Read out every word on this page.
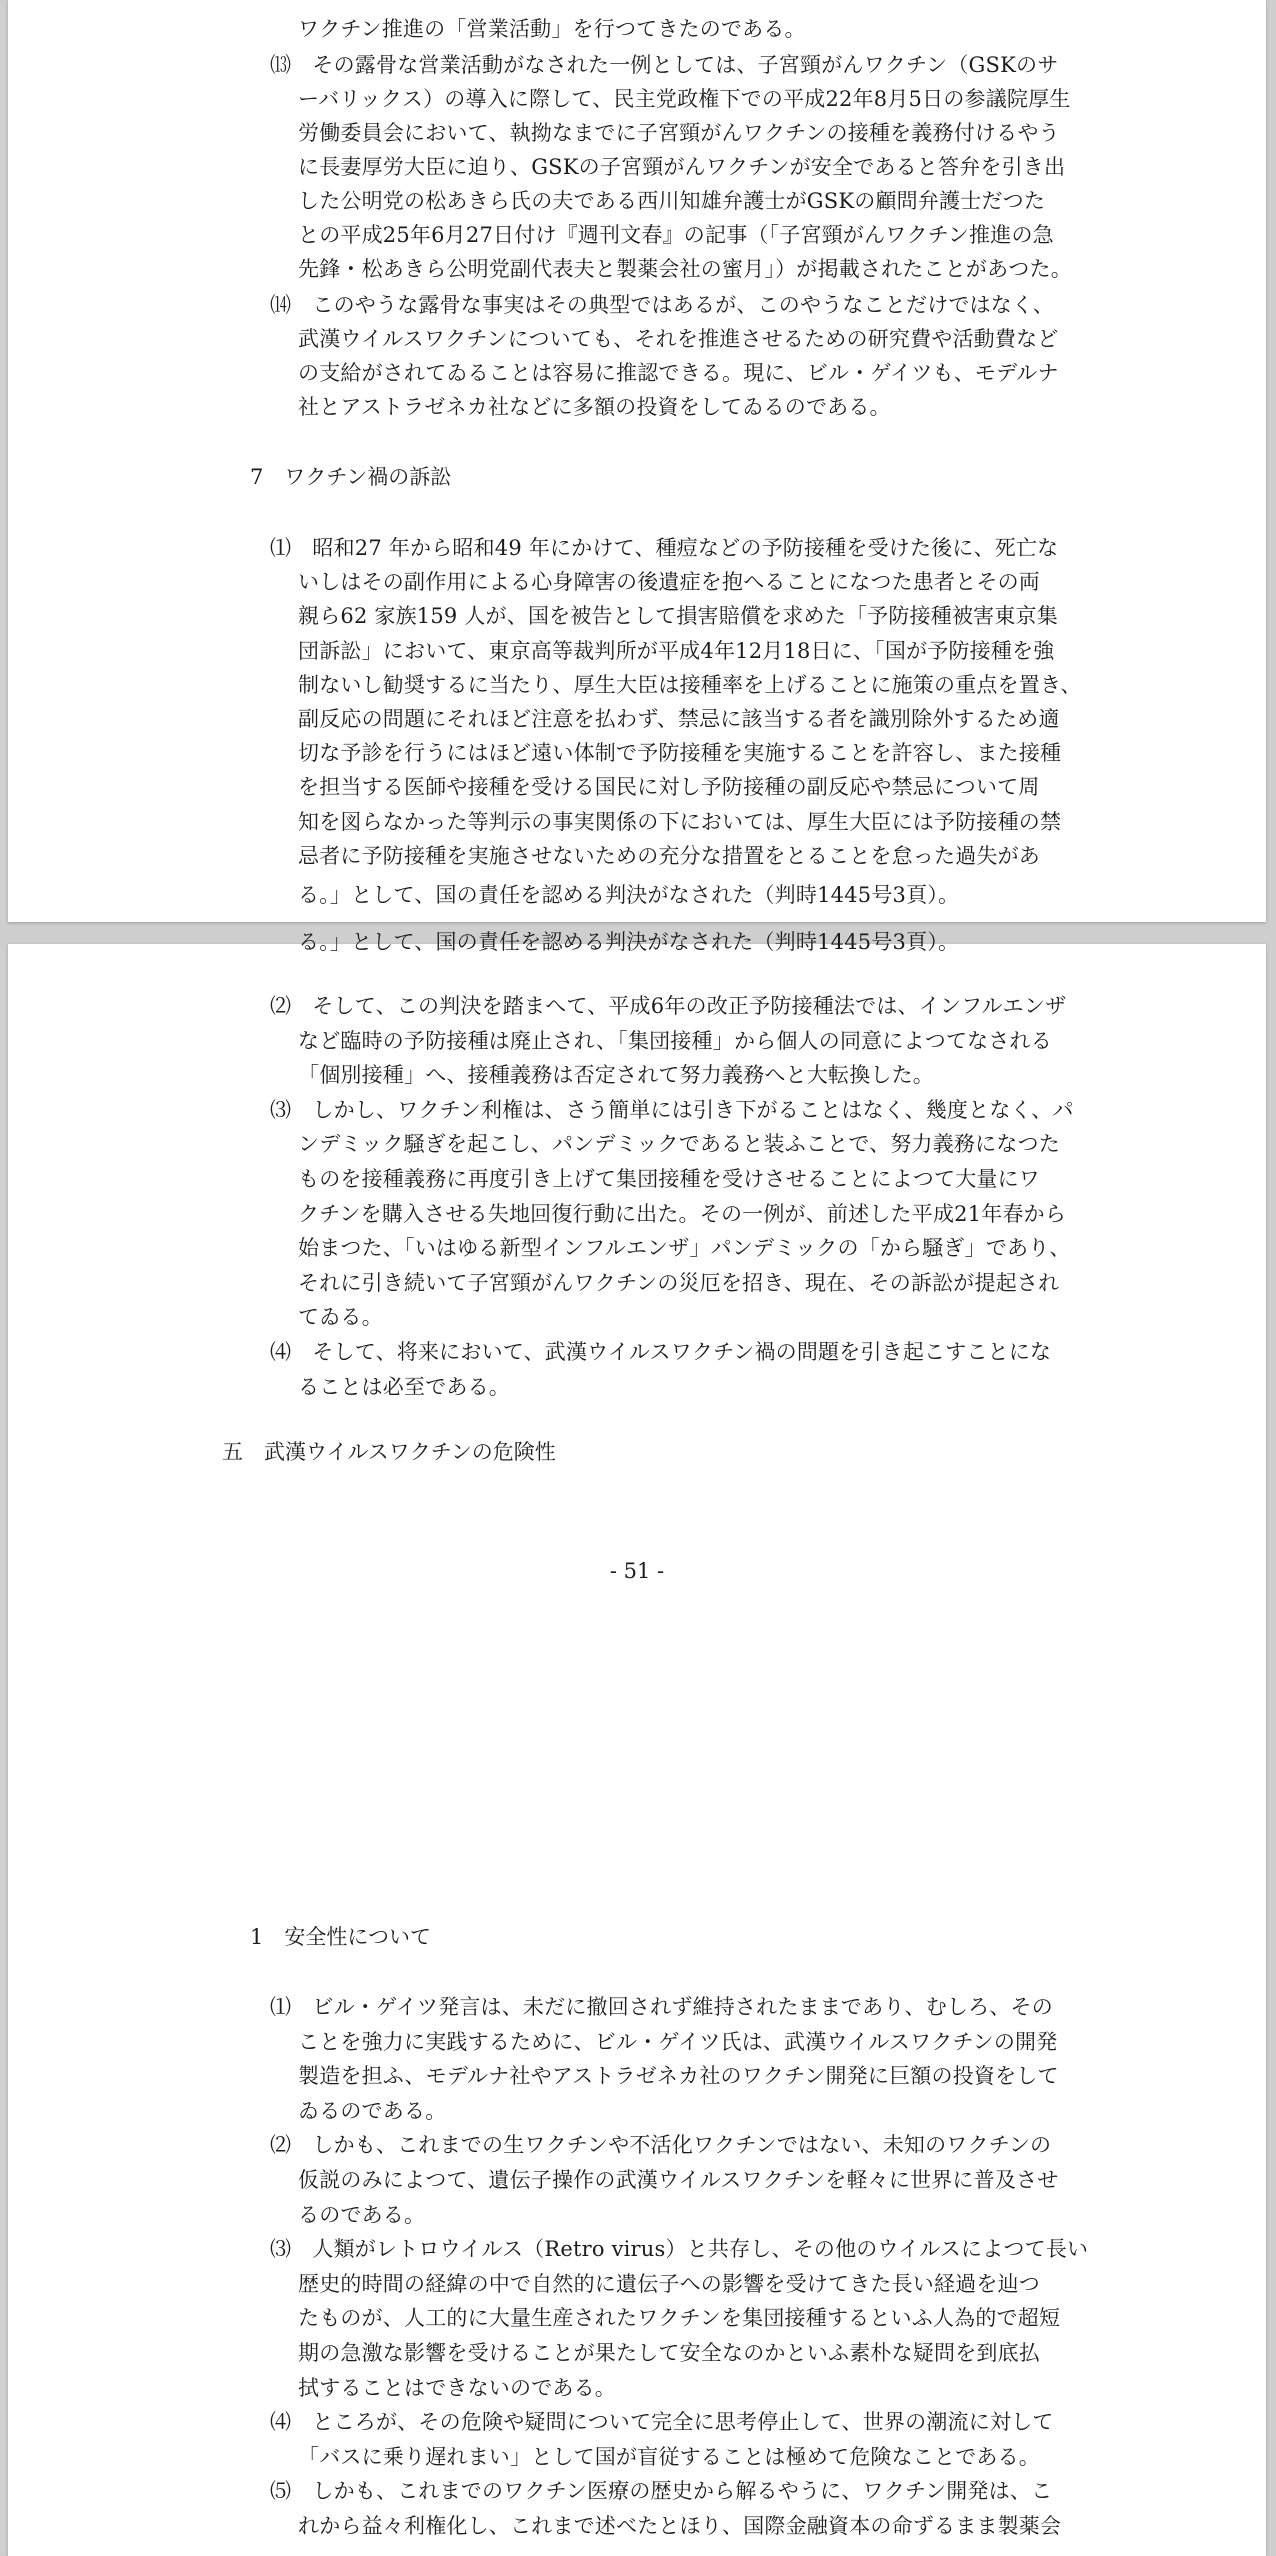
ワクチン推進の「営業活動」を行つてきたのである。
⒀　その露骨な営業活動がなされた一例としては、子宮頸がんワクチン（GSKのサ
ーバリックス）の導入に際して、民主党政権下での平成22年8月5日の参議院厚生
労働委員会において、執拗なまでに子宮頸がんワクチンの接種を義務付けるやう
に長妻厚労大臣に迫り、GSKの子宮頸がんワクチンが安全であると答弁を引き出
した公明党の松あきら氏の夫である西川知雄弁護士がGSKの顧問弁護士だつた
との平成25年6月27日付け『週刊文春』の記事（「子宮頸がんワクチン推進の急
先鋒・松あきら公明党副代表夫と製薬会社の蜜月」）が掲載されたことがあつた。
⒁　このやうな露骨な事実はその典型ではあるが、このやうなことだけではなく、
武漢ウイルスワクチンについても、それを推進させるための研究費や活動費など
の支給がされてゐることは容易に推認できる。現に、ビル・ゲイツも、モデルナ
社とアストラゼネカ社などに多額の投資をしてゐるのである。
7　ワクチン禍の訴訟
⑴　昭和27 年から昭和49 年にかけて、種痘などの予防接種を受けた後に、死亡な
いしはその副作用による心身障害の後遺症を抱へることになつた患者とその両
親ら62 家族159 人が、国を被告として損害賠償を求めた「予防接種被害東京集
団訴訟」において、東京高等裁判所が平成4年12月18日に、「国が予防接種を強
制ないし勧奨するに当たり、厚生大臣は接種率を上げることに施策の重点を置き、
副反応の問題にそれほど注意を払わず、禁忌に該当する者を識別除外するため適
切な予診を行うにはほど遠い体制で予防接種を実施することを許容し、また接種
を担当する医師や接種を受ける国民に対し予防接種の副反応や禁忌について周
知を図らなかった等判示の事実関係の下においては、厚生大臣には予防接種の禁
忌者に予防接種を実施させないための充分な措置をとることを怠った過失があ
る。」として、国の責任を認める判決がなされた（判時1445号3頁）。
る。」として、国の責任を認める判決がなされた（判時1445号3頁）。
⑵　そして、この判決を踏まへて、平成6年の改正予防接種法では、インフルエンザ
など臨時の予防接種は廃止され、「集団接種」から個人の同意によつてなされる
「個別接種」へ、接種義務は否定されて努力義務へと大転換した。
⑶　しかし、ワクチン利権は、さう簡単には引き下がることはなく、幾度となく、パ
ンデミック騒ぎを起こし、パンデミックであると装ふことで、努力義務になつた
ものを接種義務に再度引き上げて集団接種を受けさせることによつて大量にワ
クチンを購入させる失地回復行動に出た。その一例が、前述した平成21年春から
始まつた、「いはゆる新型インフルエンザ」パンデミックの「から騒ぎ」であり、
それに引き続いて子宮頸がんワクチンの災厄を招き、現在、その訴訟が提起され
てゐる。
⑷　そして、将来において、武漢ウイルスワクチン禍の問題を引き起こすことにな
ることは必至である。
五　武漢ウイルスワクチンの危険性
- 51 -
1　安全性について
⑴　ビル・ゲイツ発言は、未だに撤回されず維持されたままであり、むしろ、その
ことを強力に実践するために、ビル・ゲイツ氏は、武漢ウイルスワクチンの開発
製造を担ふ、モデルナ社やアストラゼネカ社のワクチン開発に巨額の投資をして
ゐるのである。
⑵　しかも、これまでの生ワクチンや不活化ワクチンではない、未知のワクチンの
仮説のみによつて、遺伝子操作の武漢ウイルスワクチンを軽々に世界に普及させ
るのである。
⑶　人類がレトロウイルス（Retro virus）と共存し、その他のウイルスによつて長い
歴史的時間の経緯の中で自然的に遺伝子への影響を受けてきた長い経過を辿つ
たものが、人工的に大量生産されたワクチンを集団接種するといふ人為的で超短
期の急激な影響を受けることが果たして安全なのかといふ素朴な疑問を到底払
拭することはできないのである。
⑷　ところが、その危険や疑問について完全に思考停止して、世界の潮流に対して
「バスに乗り遅れまい」として国が盲従することは極めて危険なことである。
⑸　しかも、これまでのワクチン医療の歴史から解るやうに、ワクチン開発は、こ
れから益々利権化し、これまで述べたとほり、国際金融資本の命ずるまま製薬会
